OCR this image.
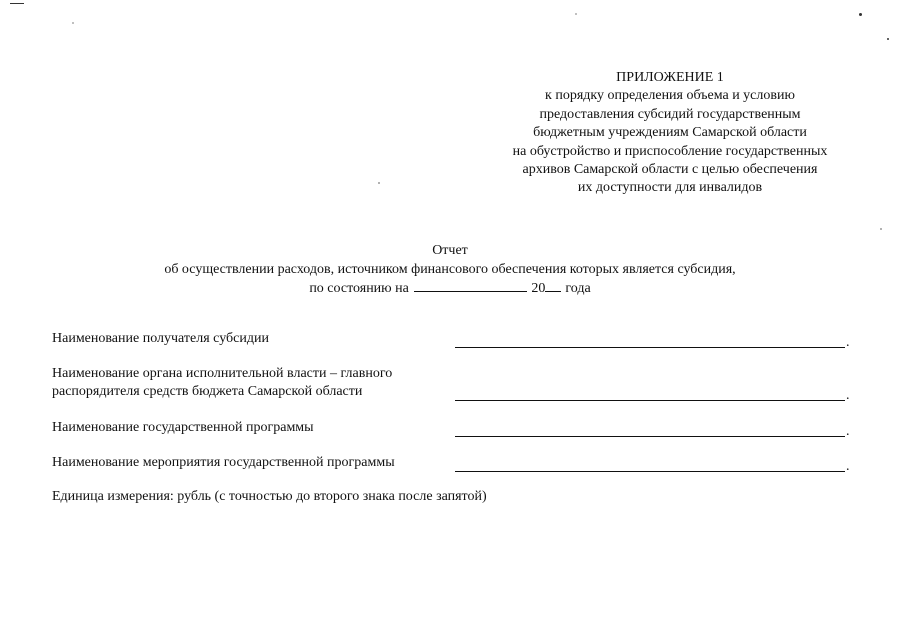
ПРИЛОЖЕНИЕ 1
к порядку определения объема и условию
предоставления субсидий государственным
бюджетным учреждениям Самарской области
на обустройство и приспособление государственных
архивов Самарской области с целью обеспечения
их доступности для инвалидов
Отчет
об осуществлении расходов, источником финансового обеспечения которых является субсидия,
по состоянию на	20 года
Наименование получателя субсидии	.
Наименование органа исполнительной власти – главного
распорядителя средств бюджета Самарской области	.
Наименование государственной программы	.
Наименование мероприятия государственной программы	.
Единица измерения: рубль (с точностью до второго знака после запятой)
